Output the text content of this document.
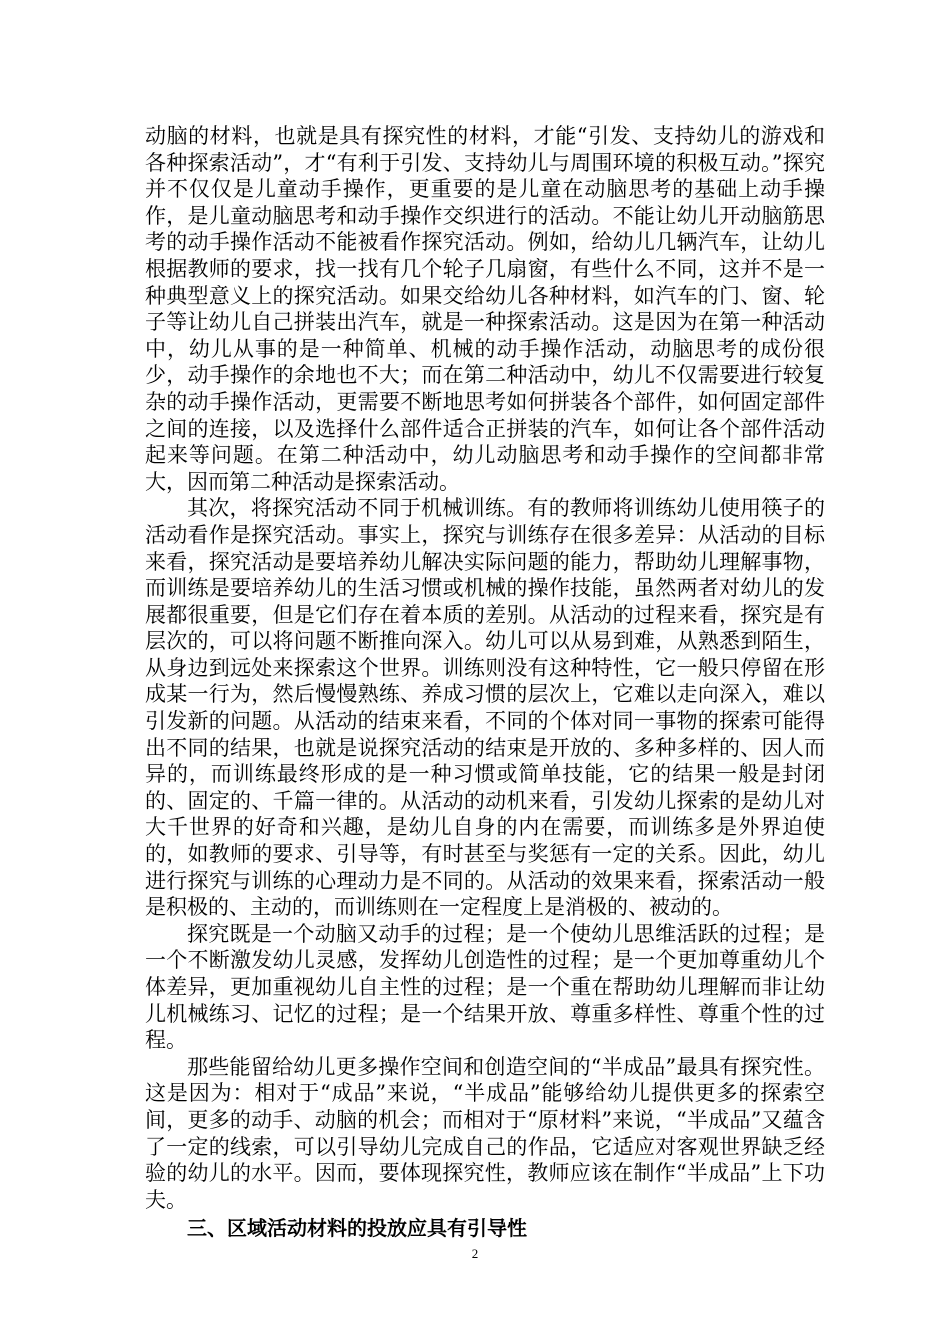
动脑的材料，也就是具有探究性的材料，才能“引发、支持幼儿的游戏和各种探索活动”，才“有利于引发、支持幼儿与周围环境的积极互动。”探究并不仅仅是儿童动手操作，更重要的是儿童在动脑思考的基础上动手操作，是儿童动脑思考和动手操作交织进行的活动。不能让幼儿开动脑筋思考的动手操作活动不能被看作探究活动。例如，给幼儿几辆汽车，让幼儿根据教师的要求，找一找有几个轮子几扇窗，有些什么不同，这并不是一种典型意义上的探究活动。如果交给幼儿各种材料，如汽车的门、窗、轮子等让幼儿自己拼装出汽车，就是一种探索活动。这是因为在第一种活动中，幼儿从事的是一种简单、机械的动手操作活动，动脑思考的成份很少，动手操作的余地也不大；而在第二种活动中，幼儿不仅需要进行较复杂的动手操作活动，更需要不断地思考如何拼装各个部件，如何固定部件之间的连接，以及选择什么部件适合正拼装的汽车，如何让各个部件活动起来等问题。在第二种活动中，幼儿动脑思考和动手操作的空间都非常大，因而第二种活动是探索活动。

其次，将探究活动不同于机械训练。有的教师将训练幼儿使用筷子的活动看作是探究活动。事实上，探究与训练存在很多差异：从活动的目标来看，探究活动是要培养幼儿解决实际问题的能力，帮助幼儿理解事物，而训练是要培养幼儿的生活习惯或机械的操作技能，虽然两者对幼儿的发展都很重要，但是它们存在着本质的差别。从活动的过程来看，探究是有层次的，可以将问题不断推向深入。幼儿可以从易到难，从熟悉到陌生，从身边到远处来探索这个世界。训练则没有这种特性，它一般只停留在形成某一行为，然后慢慢熟练、养成习惯的层次上，它难以走向深入，难以引发新的问题。从活动的结束来看，不同的个体对同一事物的探索可能得出不同的结果，也就是说探究活动的结束是开放的、多种多样的、因人而异的，而训练最终形成的是一种习惯或简单技能，它的结果一般是封闭的、固定的、千篇一律的。从活动的动机来看，引发幼儿探索的是幼儿对大千世界的好奇和兴趣，是幼儿自身的内在需要，而训练多是外界迫使的，如教师的要求、引导等，有时甚至与奖惩有一定的关系。因此，幼儿进行探究与训练的心理动力是不同的。从活动的效果来看，探索活动一般是积极的、主动的，而训练则在一定程度上是消极的、被动的。

探究既是一个动脑又动手的过程；是一个使幼儿思维活跃的过程；是一个不断激发幼儿灵感，发挥幼儿创造性的过程；是一个更加尊重幼儿个体差异，更加重视幼儿自主性的过程；是一个重在帮助幼儿理解而非让幼儿机械练习、记忆的过程；是一个结果开放、尊重多样性、尊重个性的过程。

那些能留给幼儿更多操作空间和创造空间的“半成品”最具有探究性。这是因为：相对于“成品”来说，“半成品”能够给幼儿提供更多的探索空间，更多的动手、动脑的机会；而相对于“原材料”来说，“半成品”又蕴含了一定的线索，可以引导幼儿完成自己的作品，它适应对客观世界缺乏经验的幼儿的水平。因而，要体现探究性，教师应该在制作“半成品”上下功夫。

三、区域活动材料的投放应具有引导性
2
